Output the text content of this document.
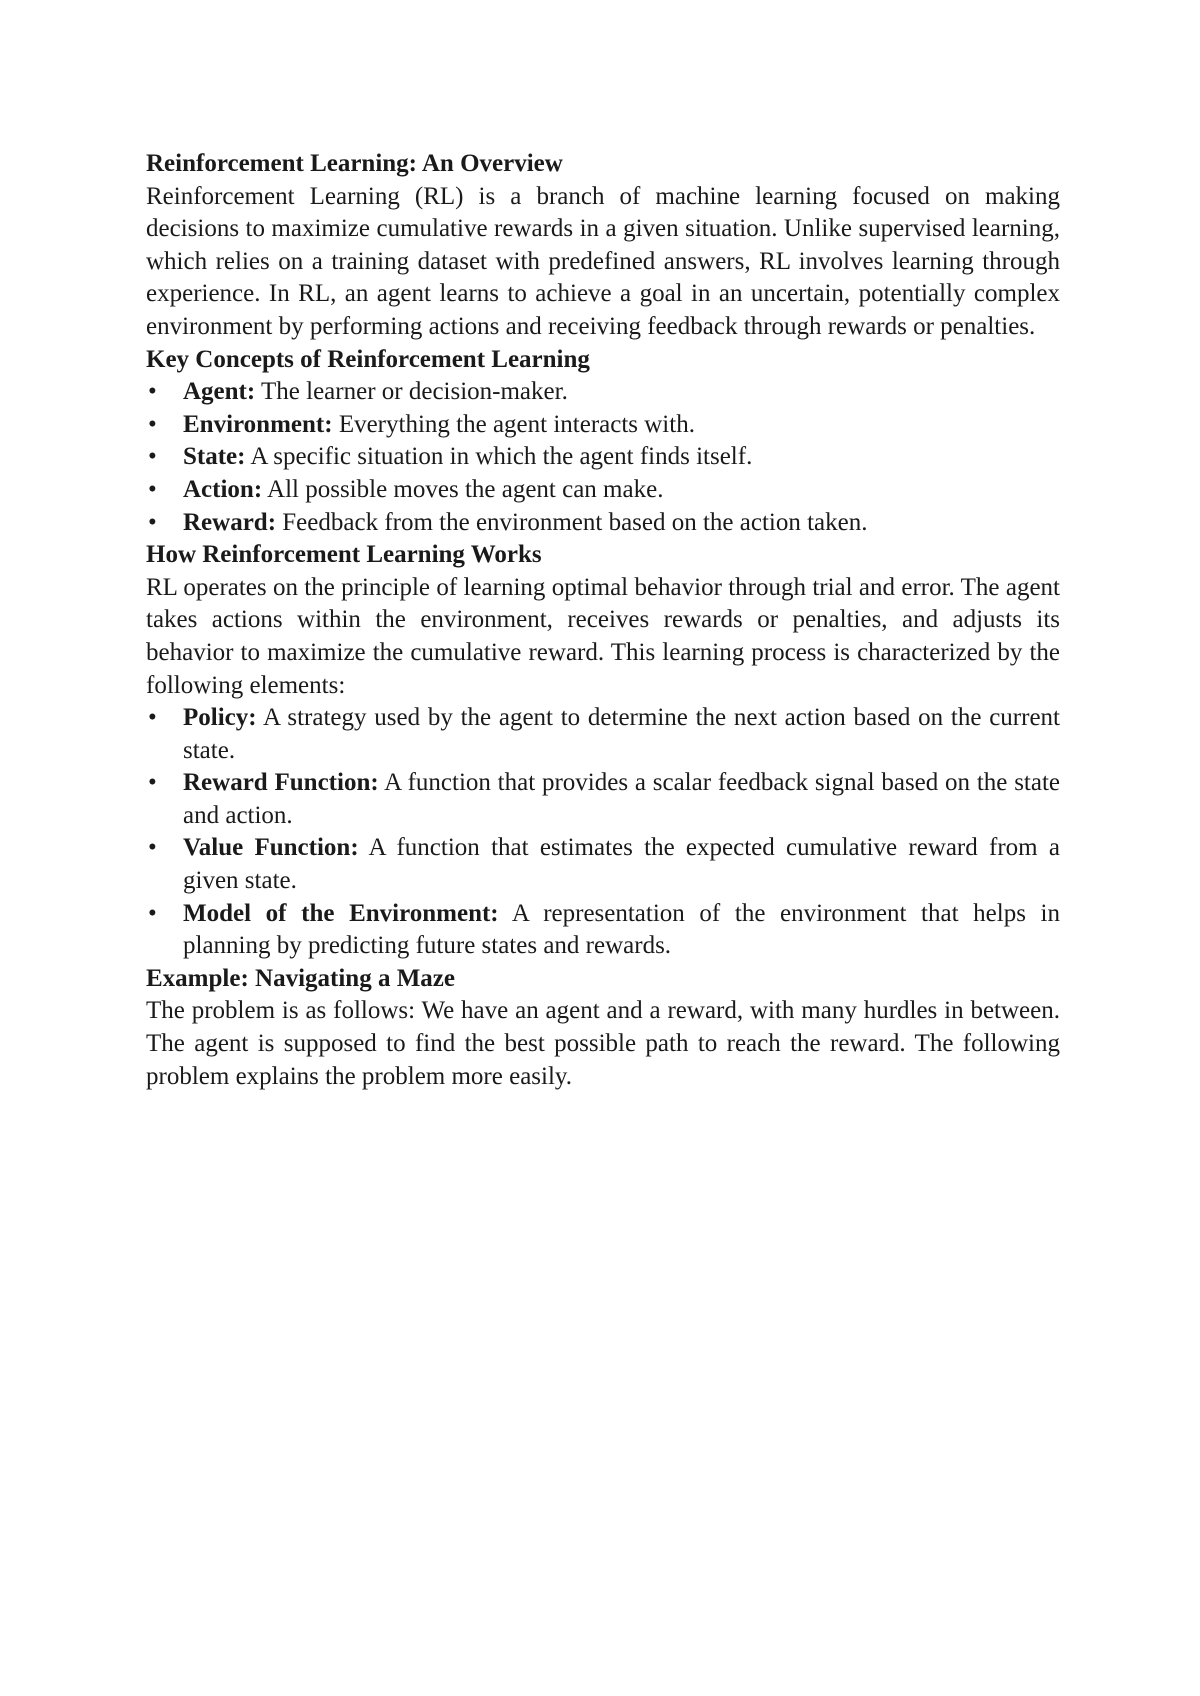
Reinforcement Learning: An Overview

Reinforcement Learning (RL) is a branch of machine learning focused on making decisions to maximize cumulative rewards in a given situation. Unlike supervised learning, which relies on a training dataset with predefined answers, RL involves learning through experience. In RL, an agent learns to achieve a goal in an uncertain, potentially complex environment by performing actions and receiving feedback through rewards or penalties.

Key Concepts of Reinforcement Learning

• Agent: The learner or decision-maker.
• Environment: Everything the agent interacts with.
• State: A specific situation in which the agent finds itself.
• Action: All possible moves the agent can make.
• Reward: Feedback from the environment based on the action taken.

How Reinforcement Learning Works

RL operates on the principle of learning optimal behavior through trial and error. The agent takes actions within the environment, receives rewards or penalties, and adjusts its behavior to maximize the cumulative reward. This learning process is characterized by the following elements:

• Policy: A strategy used by the agent to determine the next action based on the current state.
• Reward Function: A function that provides a scalar feedback signal based on the state and action.
• Value Function: A function that estimates the expected cumulative reward from a given state.
• Model of the Environment: A representation of the environment that helps in planning by predicting future states and rewards.

Example: Navigating a Maze

The problem is as follows: We have an agent and a reward, with many hurdles in between. The agent is supposed to find the best possible path to reach the reward. The following problem explains the problem more easily.
